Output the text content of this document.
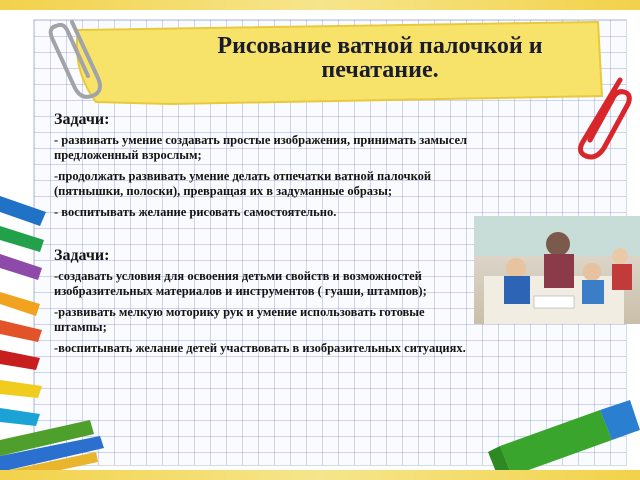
Рисование ватной палочкой и печатание.
Задачи:
- развивать умение создавать простые изображения, принимать замысел предложенный взрослым;
-продолжать развивать умение делать отпечатки ватной палочкой (пятнышки, полоски), превращая их в задуманные образы;
- воспитывать желание рисовать самостоятельно.
Задачи:
-создавать условия для освоения детьми свойств и возможностей изобразительных материалов и инструментов ( гуаши, штампов);
-развивать мелкую моторику рук и умение использовать готовые штампы;
-воспитывать желание детей участвовать в изобразительных ситуациях.
